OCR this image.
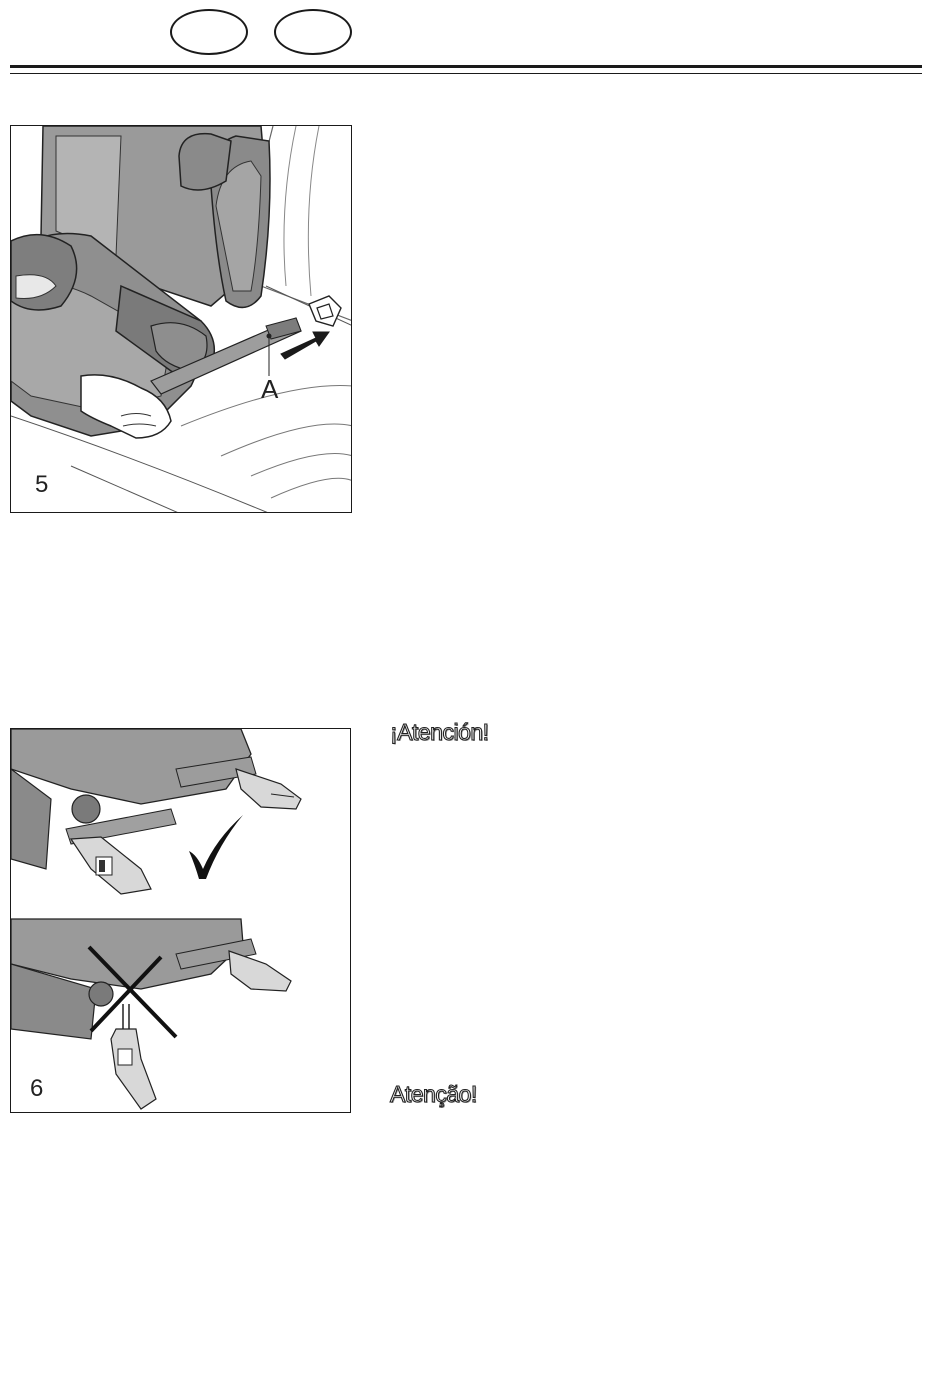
A
5
6
¡Atención!
Atenção!
